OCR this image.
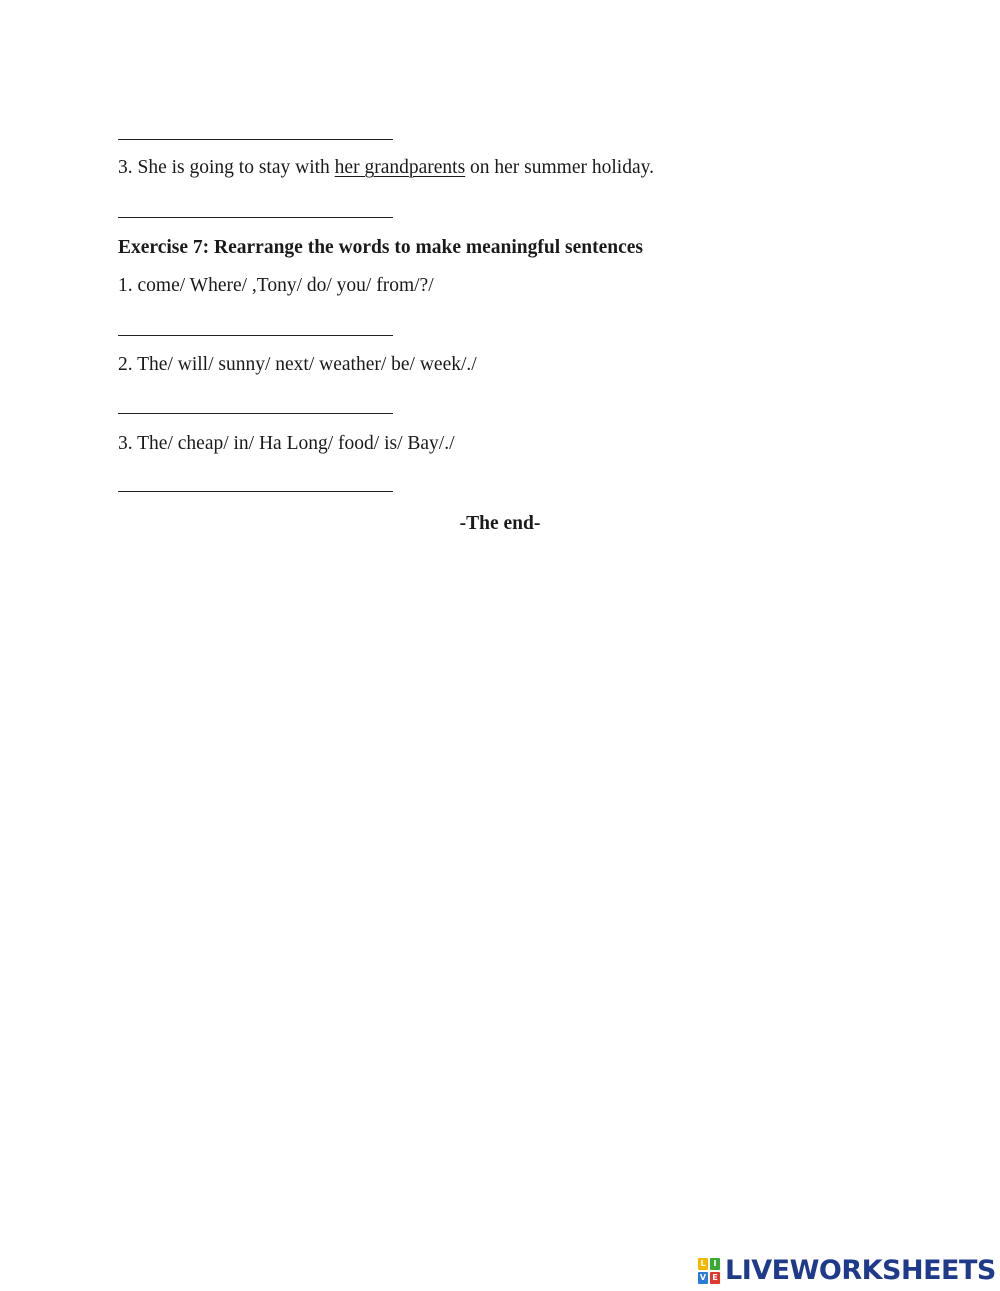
3. She is going to stay with her grandparents on her summer holiday.
Exercise 7: Rearrange the words to make meaningful sentences
1. come/ Where/ ,Tony/ do/ you/ from/?/
2. The/ will/ sunny/ next/ weather/ be/ week/./
3. The/ cheap/ in/ Ha Long/ food/ is/ Bay/./
-The end-
L I
V E LIVEWORKSHEETS
